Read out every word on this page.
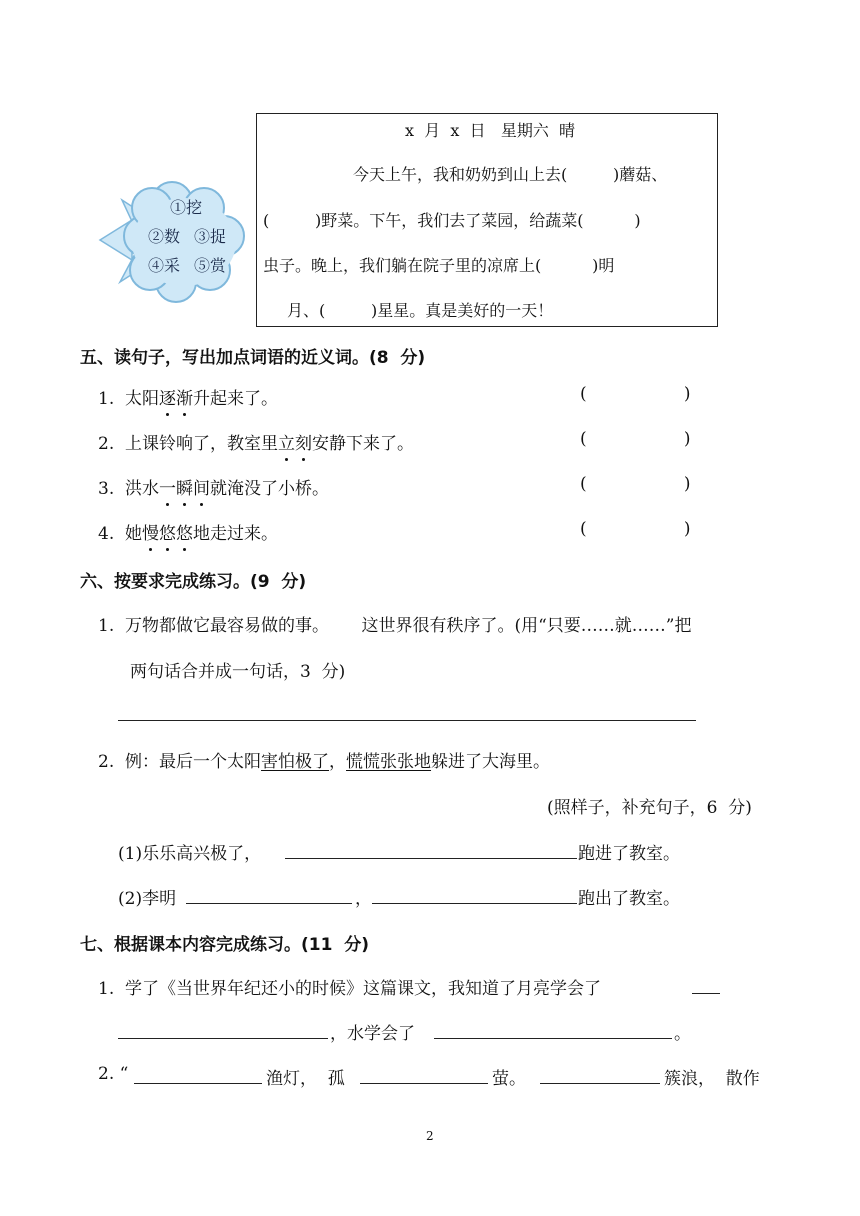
①挖
②数 ③捉
④采 ⑤赏
x  月  x  日   星期六  晴
今天上午，我和奶奶到山上去(         )蘑菇、
(         )野菜。下午，我们去了菜园，给蔬菜(          )
虫子。晚上，我们躺在院子里的凉席上(          )明
月、(         )星星。真是美好的一天！
五、读句子，写出加点词语的近义词。(8  分)
1. 太阳逐渐升起来了。	(                  )
2. 上课铃响了，教室里立刻安静下来了。	(                  )
3. 洪水一瞬间就淹没了小桥。	(                  )
4. 她慢悠悠地走过来。	(                  )
六、按要求完成练习。(9  分)
1.  万物都做它最容易做的事。      这世界很有秩序了。(用“只要……就……”把
两句话合并成一句话，3  分)
2.  例：最后一个太阳害怕极了，慌慌张张地躲进了大海里。
(照样子，补充句子，6  分)
(1)乐乐高兴极了，	跑进了教室。
(2)李明	，	跑出了教室。
七、根据课本内容完成练习。(11  分)
1.  学了《当世界年纪还小的时候》这篇课文，我知道了月亮学会了
，水学会了	。
2. “	渔灯，  孤	萤。	簇浪，  散作
2
